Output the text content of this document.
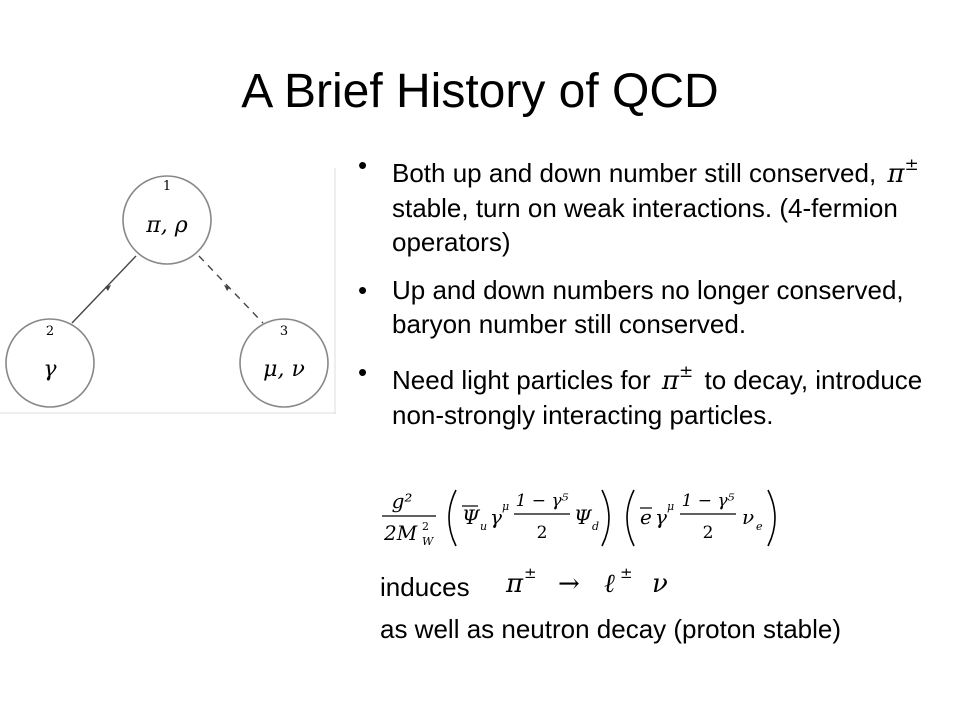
A Brief History of QCD
1
π, ρ
2
γ
3
μ, ν
• Both up and down number still conserved, π± stable, turn on weak interactions. (4-fermion operators)
• Up and down numbers no longer conserved, baryon number still conserved.
• Need light particles for π± to decay, introduce non-strongly interacting particles.
g²
2M 2
W
Ψ u γ μ 1 − γ⁵
2
Ψ d e γ μ 1 − γ⁵
2
ν e
induces π ± → ℓ ± ν
as well as neutron decay (proton stable)
